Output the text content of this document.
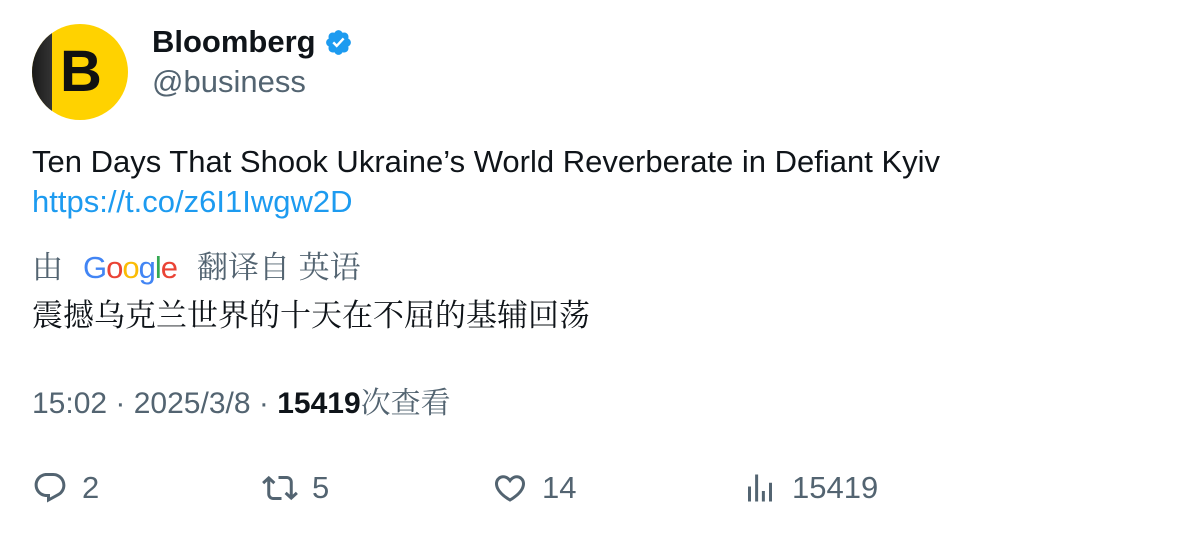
B Bloomberg
@business
Ten Days That Shook Ukraine’s World Reverberate in Defiant Kyiv
https://t.co/z6I1Iwgw2D
由 Google 翻译自 英语
震撼乌克兰世界的十天在不屈的基辅回荡
15:02 · 2025/3/8 · 15419次查看
2	5	14	15419
